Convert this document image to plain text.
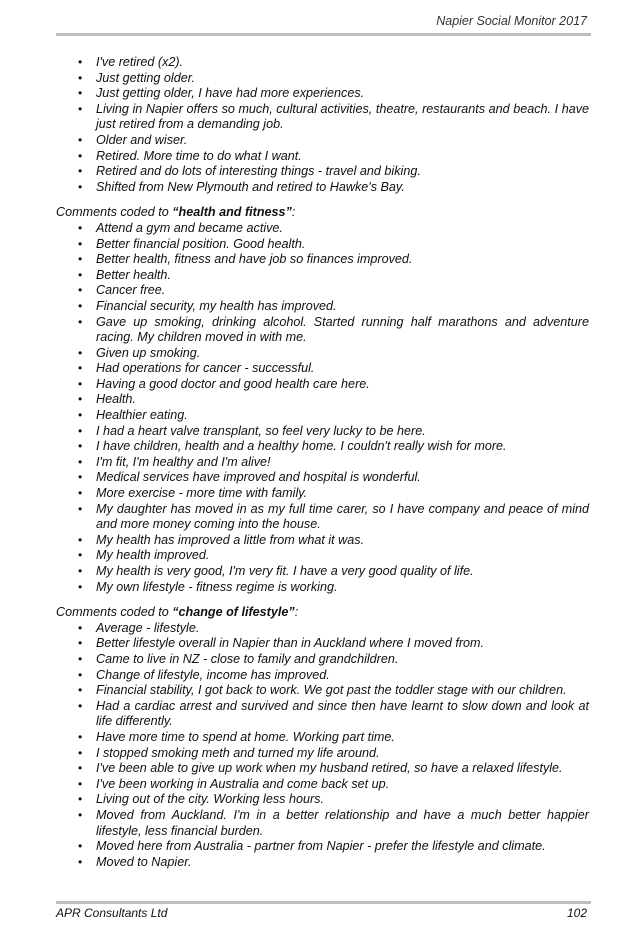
Napier Social Monitor 2017
• I've retired (x2).
• Just getting older.
• Just getting older, I have had more experiences.
• Living in Napier offers so much, cultural activities, theatre, restaurants and beach. I have just retired from a demanding job.
• Older and wiser.
• Retired. More time to do what I want.
• Retired and do lots of interesting things - travel and biking.
• Shifted from New Plymouth and retired to Hawke's Bay.

Comments coded to “health and fitness”:

• Attend a gym and became active.
• Better financial position. Good health.
• Better health, fitness and have job so finances improved.
• Better health.
• Cancer free.
• Financial security, my health has improved.
• Gave up smoking, drinking alcohol. Started running half marathons and adventure racing. My children moved in with me.
• Given up smoking.
• Had operations for cancer - successful.
• Having a good doctor and good health care here.
• Health.
• Healthier eating.
• I had a heart valve transplant, so feel very lucky to be here.
• I have children, health and a healthy home. I couldn't really wish for more.
• I'm fit, I'm healthy and I'm alive!
• Medical services have improved and hospital is wonderful.
• More exercise - more time with family.
• My daughter has moved in as my full time carer, so I have company and peace of mind and more money coming into the house.
• My health has improved a little from what it was.
• My health improved.
• My health is very good, I'm very fit. I have a very good quality of life.
• My own lifestyle - fitness regime is working.

Comments coded to “change of lifestyle”:

• Average - lifestyle.
• Better lifestyle overall in Napier than in Auckland where I moved from.
• Came to live in NZ - close to family and grandchildren.
• Change of lifestyle, income has improved.
• Financial stability, I got back to work. We got past the toddler stage with our children.
• Had a cardiac arrest and survived and since then have learnt to slow down and look at life differently.
• Have more time to spend at home. Working part time.
• I stopped smoking meth and turned my life around.
• I've been able to give up work when my husband retired, so have a relaxed lifestyle.
• I've been working in Australia and come back set up.
• Living out of the city. Working less hours.
• Moved from Auckland. I'm in a better relationship and have a much better happier lifestyle, less financial burden.
• Moved here from Australia - partner from Napier - prefer the lifestyle and climate.
• Moved to Napier.
APR Consultants Ltd	102
